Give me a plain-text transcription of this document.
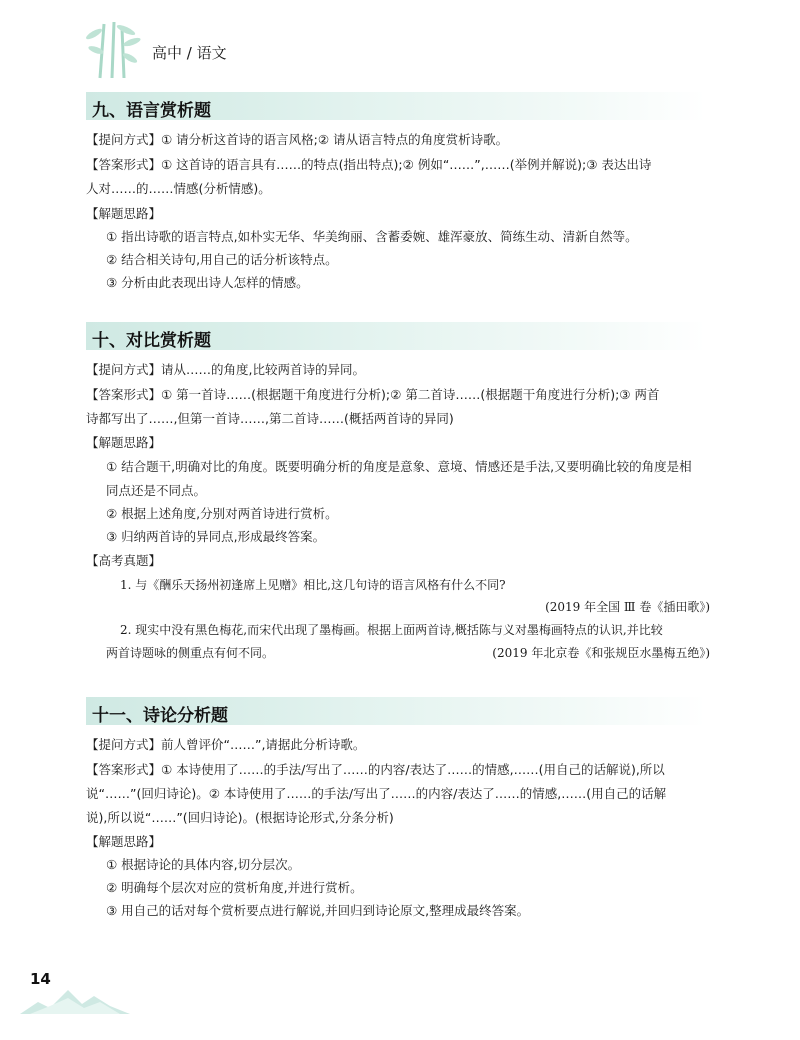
高中 / 语文
九、语言赏析题
【提问方式】① 请分析这首诗的语言风格;② 请从语言特点的角度赏析诗歌。
【答案形式】① 这首诗的语言具有……的特点(指出特点);② 例如“……”,……(举例并解说);③ 表达出诗
人对……的……情感(分析情感)。
【解题思路】
① 指出诗歌的语言特点,如朴实无华、华美绚丽、含蓄委婉、雄浑豪放、简练生动、清新自然等。
② 结合相关诗句,用自己的话分析该特点。
③ 分析由此表现出诗人怎样的情感。
十、对比赏析题
【提问方式】请从……的角度,比较两首诗的异同。
【答案形式】① 第一首诗……(根据题干角度进行分析);② 第二首诗……(根据题干角度进行分析);③ 两首
诗都写出了……,但第一首诗……,第二首诗……(概括两首诗的异同)
【解题思路】
① 结合题干,明确对比的角度。既要明确分析的角度是意象、意境、情感还是手法,又要明确比较的角度是相
同点还是不同点。
② 根据上述角度,分别对两首诗进行赏析。
③ 归纳两首诗的异同点,形成最终答案。
【高考真题】
1. 与《酬乐天扬州初逢席上见赠》相比,这几句诗的语言风格有什么不同?
(2019 年全国 Ⅲ 卷《插田歌》)
2. 现实中没有黑色梅花,而宋代出现了墨梅画。根据上面两首诗,概括陈与义对墨梅画特点的认识,并比较
两首诗题咏的侧重点有何不同。	(2019 年北京卷《和张规臣水墨梅五绝》)
十一、诗论分析题
【提问方式】前人曾评价“……”,请据此分析诗歌。
【答案形式】① 本诗使用了……的手法/写出了……的内容/表达了……的情感,……(用自己的话解说),所以
说“……”(回归诗论)。② 本诗使用了……的手法/写出了……的内容/表达了……的情感,……(用自己的话解
说),所以说“……”(回归诗论)。(根据诗论形式,分条分析)
【解题思路】
① 根据诗论的具体内容,切分层次。
② 明确每个层次对应的赏析角度,并进行赏析。
③ 用自己的话对每个赏析要点进行解说,并回归到诗论原文,整理成最终答案。
14
